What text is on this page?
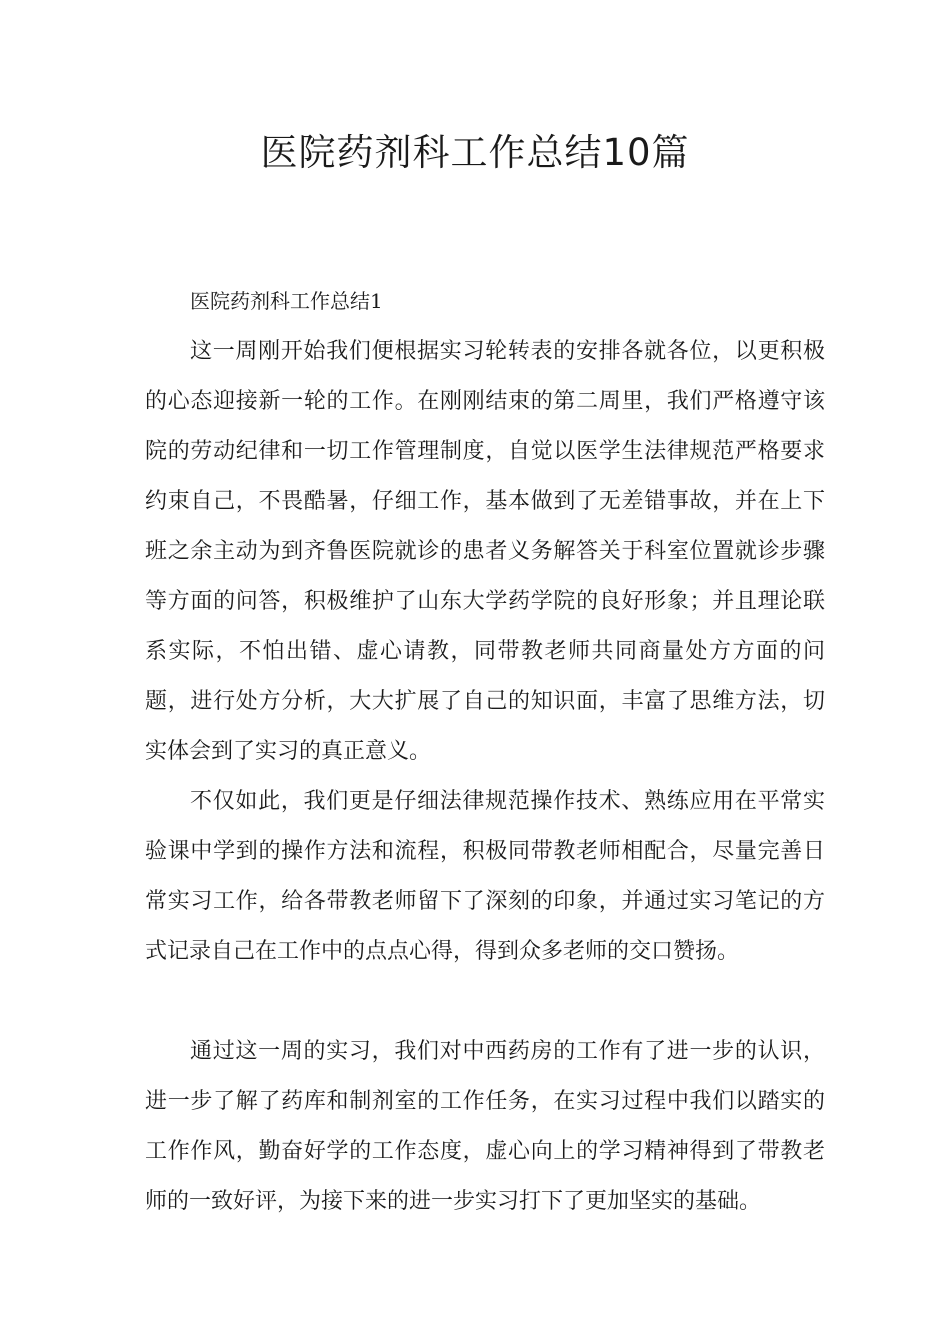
医院药剂科工作总结10篇
医院药剂科工作总结1

这一周刚开始我们便根据实习轮转表的安排各就各位，以更积极的心态迎接新一轮的工作。在刚刚结束的第二周里，我们严格遵守该院的劳动纪律和一切工作管理制度，自觉以医学生法律规范严格要求约束自己，不畏酷暑，仔细工作，基本做到了无差错事故，并在上下班之余主动为到齐鲁医院就诊的患者义务解答关于科室位置就诊步骤等方面的问答，积极维护了山东大学药学院的良好形象；并且理论联系实际，不怕出错、虚心请教，同带教老师共同商量处方方面的问题，进行处方分析，大大扩展了自己的知识面，丰富了思维方法，切实体会到了实习的真正意义。

不仅如此，我们更是仔细法律规范操作技术、熟练应用在平常实验课中学到的操作方法和流程，积极同带教老师相配合，尽量完善日常实习工作，给各带教老师留下了深刻的印象，并通过实习笔记的方式记录自己在工作中的点点心得，得到众多老师的交口赞扬。

通过这一周的实习，我们对中西药房的工作有了进一步的认识，进一步了解了药库和制剂室的工作任务，在实习过程中我们以踏实的工作作风，勤奋好学的工作态度，虚心向上的学习精神得到了带教老师的一致好评，为接下来的进一步实习打下了更加坚实的基础。
